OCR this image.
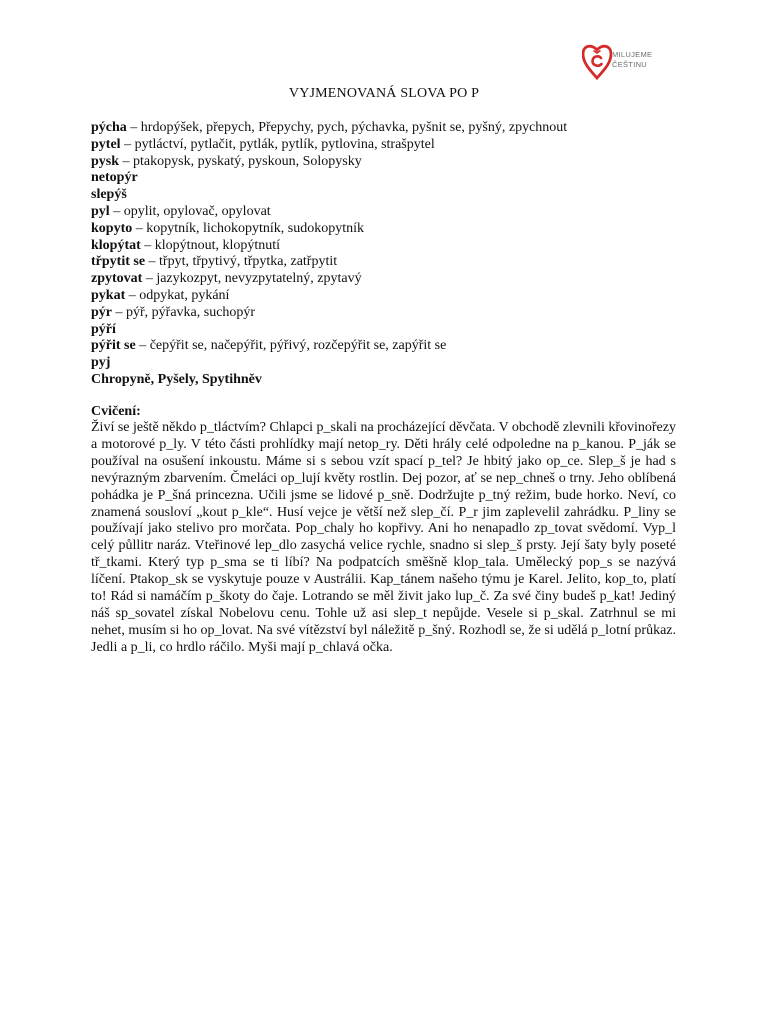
MILUJEME
ČEŠTINU
VYJMENOVANÁ SLOVA PO P
pýcha – hrdopýšek, přepych, Přepychy, pych, pýchavka, pyšnit se, pyšný, zpychnout
pytel – pytláctví, pytlačit, pytlák, pytlík, pytlovina, strašpytel
pysk – ptakopysk, pyskatý, pyskoun, Solopysky
netopýr
slepýš
pyl – opylit, opylovač, opylovat
kopyto – kopytník, lichokopytník, sudokopytník
klopýtat – klopýtnout, klopýtnutí
třpytit se – třpyt, třpytivý, třpytka, zatřpytit
zpytovat – jazykozpyt, nevyzpytatelný, zpytavý
pykat – odpykat, pykání
pýr – pýř, pýřavka, suchopýr
pýří
pýřit se – čepýřit se, načepýřit, pýřivý, rozčepýřit se, zapýřit se
pyj
Chropyně, Pyšely, Spytihněv
Cvičení:
Živí se ještě někdo p_tláctvím? Chlapci p_skali na procházející děvčata. V obchodě zlevnili křovinořezy a motorové p_ly. V této části prohlídky mají netop_ry. Děti hrály celé odpoledne na p_kanou. P_ják se používal na osušení inkoustu. Máme si s sebou vzít spací p_tel? Je hbitý jako op_ce. Slep_š je had s nevýrazným zbarvením. Čmeláci op_lují květy rostlin. Dej pozor, ať se nep_chneš o trny. Jeho oblíbená pohádka je P_šná princezna. Učili jsme se lidové p_sně. Dodržujte p_tný režim, bude horko. Neví, co znamená sousloví „kout p_kle“. Husí vejce je větší než slep_čí. P_r jim zaplevelil zahrádku. P_liny se používají jako stelivo pro morčata. Pop_chaly ho kopřivy. Ani ho nenapadlo zp_tovat svědomí. Vyp_l celý půllitr naráz. Vteřinové lep_dlo zasychá velice rychle, snadno si slep_š prsty. Její šaty byly poseté tř_tkami. Který typ p_sma se ti líbí? Na podpatcích směšně klop_tala. Umělecký pop_s se nazývá líčení. Ptakop_sk se vyskytuje pouze v Austrálii. Kap_tánem našeho týmu je Karel. Jelito, kop_to, platí to! Rád si namáčím p_škoty do čaje. Lotrando se měl živit jako lup_č. Za své činy budeš p_kat! Jediný náš sp_sovatel získal Nobelovu cenu. Tohle už asi slep_t nepůjde. Vesele si p_skal. Zatrhnul se mi nehet, musím si ho op_lovat. Na své vítězství byl náležitě p_šný. Rozhodl se, že si udělá p_lotní průkaz. Jedli a p_li, co hrdlo ráčilo. Myši mají p_chlavá očka.
